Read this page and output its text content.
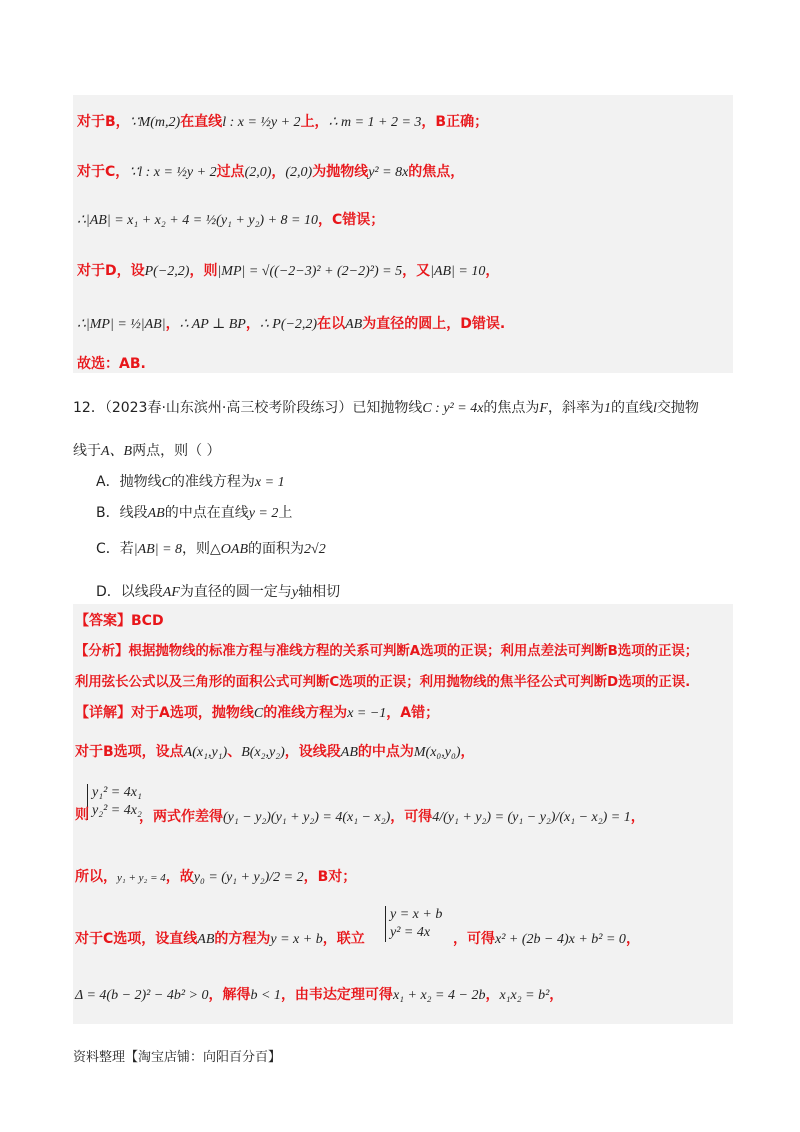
对于B，∵M(m,2)在直线l : x = ½y + 2上，∴ m = 1 + 2 = 3，B正确；
对于C，∵l : x = ½y + 2过点(2,0)，(2,0)为抛物线y² = 8x的焦点，
∴|AB| = x₁ + x₂ + 4 = ½(y₁ + y₂) + 8 = 10，C错误；
对于D，设P(−2,2)，则|MP| = √((−2−3)² + (2−2)²) = 5，又|AB| = 10，
∴|MP| = ½|AB|，∴ AP ⊥ BP，∴ P(−2,2)在以AB为直径的圆上，D错误.
故选：AB.
12．（2023春·山东滨州·高三校考阶段练习）已知抛物线C : y² = 4x的焦点为F，斜率为1的直线l交抛物
线于A、B两点，则（ ）
A．抛物线C的准线方程为x = 1
B．线段AB的中点在直线y = 2上
C．若|AB| = 8，则△OAB的面积为2√2
D．以线段AF为直径的圆一定与y轴相切
【答案】BCD
【分析】根据抛物线的标准方程与准线方程的关系可判断A选项的正误；利用点差法可判断B选项的正误；
利用弦长公式以及三角形的面积公式可判断C选项的正误；利用抛物线的焦半径公式可判断D选项的正误.
【详解】对于A选项，抛物线C的准线方程为x = −1，A错；
对于B选项，设点A(x₁,y₁)、B(x₂,y₂)，设线段AB的中点为M(x₀,y₀)，
y₁² = 4x₁
y₂² = 4x₂
则	，两式作差得(y₁ − y₂)(y₁ + y₂) = 4(x₁ − x₂)，可得4/(y₁ + y₂) = (y₁ − y₂)/(x₁ − x₂) = 1，
所以，y₁ + y₂ = 4，故y₀ = (y₁ + y₂)/2 = 2，B对；
y = x + b
y² = 4x
对于C选项，设直线AB的方程为y = x + b，联立	，可得x² + (2b − 4)x + b² = 0，
Δ = 4(b − 2)² − 4b² > 0，解得b < 1，由韦达定理可得x₁ + x₂ = 4 − 2b，x₁x₂ = b²，
资料整理【淘宝店铺：向阳百分百】
